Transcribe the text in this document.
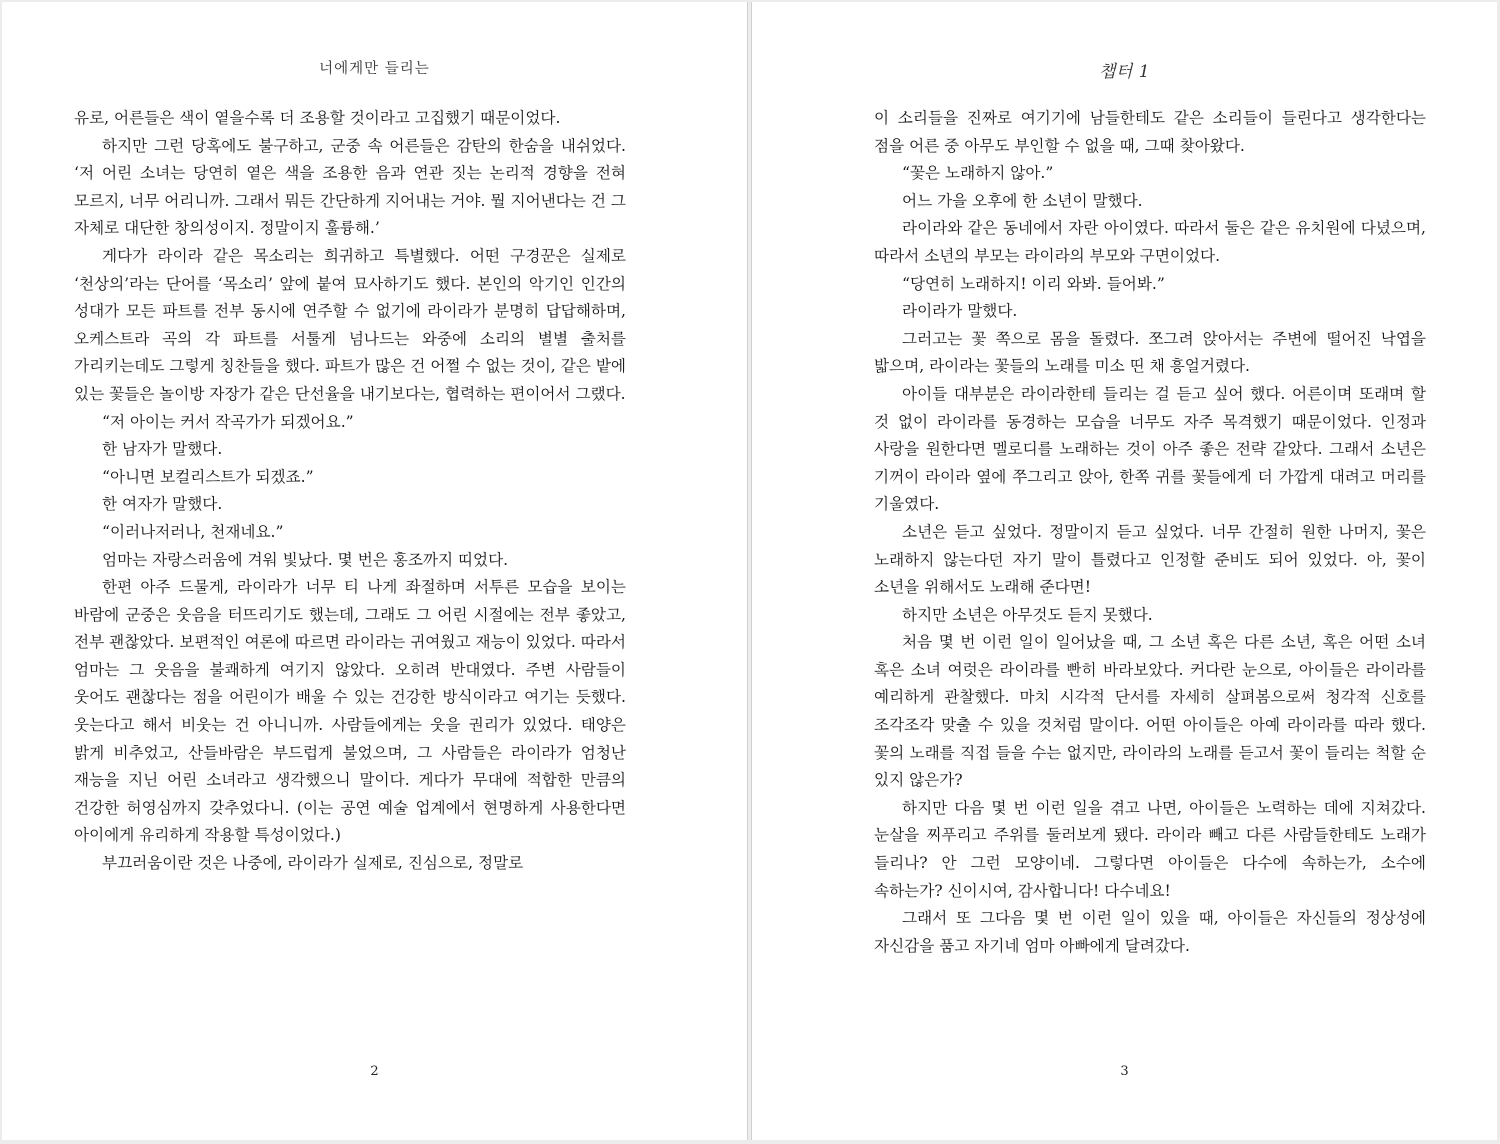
너에게만 들리는

유로, 어른들은 색이 옅을수록 더 조용할 것이라고 고집했기 때문이었다.

하지만 그런 당혹에도 불구하고, 군중 속 어른들은 감탄의 한숨을 내쉬었다. ‘저 어린 소녀는 당연히 옅은 색을 조용한 음과 연관 짓는 논리적 경향을 전혀 모르지, 너무 어리니까. 그래서 뭐든 간단하게 지어내는 거야. 뭘 지어낸다는 건 그 자체로 대단한 창의성이지. 정말이지 훌륭해.’

게다가 라이라 같은 목소리는 희귀하고 특별했다. 어떤 구경꾼은 실제로 ‘천상의’라는 단어를 ‘목소리’ 앞에 붙여 묘사하기도 했다. 본인의 악기인 인간의 성대가 모든 파트를 전부 동시에 연주할 수 없기에 라이라가 분명히 답답해하며, 오케스트라 곡의 각 파트를 서툴게 넘나드는 와중에 소리의 별별 출처를 가리키는데도 그렇게 칭찬들을 했다. 파트가 많은 건 어쩔 수 없는 것이, 같은 밭에 있는 꽃들은 놀이방 자장가 같은 단선율을 내기보다는, 협력하는 편이어서 그랬다.

“저 아이는 커서 작곡가가 되겠어요.”

한 남자가 말했다.

“아니면 보컬리스트가 되겠죠.”

한 여자가 말했다.

“이러나저러나, 천재네요.”

엄마는 자랑스러움에 겨워 빛났다. 몇 번은 홍조까지 띠었다.

한편 아주 드물게, 라이라가 너무 티 나게 좌절하며 서투른 모습을 보이는 바람에 군중은 웃음을 터뜨리기도 했는데, 그래도 그 어린 시절에는 전부 좋았고, 전부 괜찮았다. 보편적인 여론에 따르면 라이라는 귀여웠고 재능이 있었다. 따라서 엄마는 그 웃음을 불쾌하게 여기지 않았다. 오히려 반대였다. 주변 사람들이 웃어도 괜찮다는 점을 어린이가 배울 수 있는 건강한 방식이라고 여기는 듯했다. 웃는다고 해서 비웃는 건 아니니까. 사람들에게는 웃을 권리가 있었다. 태양은 밝게 비추었고, 산들바람은 부드럽게 불었으며, 그 사람들은 라이라가 엄청난 재능을 지닌 어린 소녀라고 생각했으니 말이다. 게다가 무대에 적합한 만큼의 건강한 허영심까지 갖추었다니. (이는 공연 예술 업계에서 현명하게 사용한다면 아이에게 유리하게 작용할 특성이었다.)

부끄러움이란 것은 나중에, 라이라가 실제로, 진심으로, 정말로

2
챕터 1

이 소리들을 진짜로 여기기에 남들한테도 같은 소리들이 들린다고 생각한다는 점을 어른 중 아무도 부인할 수 없을 때, 그때 찾아왔다.

“꽃은 노래하지 않아.”

어느 가을 오후에 한 소년이 말했다.

라이라와 같은 동네에서 자란 아이였다. 따라서 둘은 같은 유치원에 다녔으며, 따라서 소년의 부모는 라이라의 부모와 구면이었다.

“당연히 노래하지! 이리 와봐. 들어봐.”

라이라가 말했다.

그러고는 꽃 쪽으로 몸을 돌렸다. 쪼그려 앉아서는 주변에 떨어진 낙엽을 밟으며, 라이라는 꽃들의 노래를 미소 띤 채 흥얼거렸다.

아이들 대부분은 라이라한테 들리는 걸 듣고 싶어 했다. 어른이며 또래며 할 것 없이 라이라를 동경하는 모습을 너무도 자주 목격했기 때문이었다. 인정과 사랑을 원한다면 멜로디를 노래하는 것이 아주 좋은 전략 같았다. 그래서 소년은 기꺼이 라이라 옆에 쭈그리고 앉아, 한쪽 귀를 꽃들에게 더 가깝게 대려고 머리를 기울였다.

소년은 듣고 싶었다. 정말이지 듣고 싶었다. 너무 간절히 원한 나머지, 꽃은 노래하지 않는다던 자기 말이 틀렸다고 인정할 준비도 되어 있었다. 아, 꽃이 소년을 위해서도 노래해 준다면!

하지만 소년은 아무것도 듣지 못했다.

처음 몇 번 이런 일이 일어났을 때, 그 소년 혹은 다른 소년, 혹은 어떤 소녀 혹은 소녀 여럿은 라이라를 빤히 바라보았다. 커다란 눈으로, 아이들은 라이라를 예리하게 관찰했다. 마치 시각적 단서를 자세히 살펴봄으로써 청각적 신호를 조각조각 맞출 수 있을 것처럼 말이다. 어떤 아이들은 아예 라이라를 따라 했다. 꽃의 노래를 직접 들을 수는 없지만, 라이라의 노래를 듣고서 꽃이 들리는 척할 순 있지 않은가?

하지만 다음 몇 번 이런 일을 겪고 나면, 아이들은 노력하는 데에 지쳐갔다. 눈살을 찌푸리고 주위를 둘러보게 됐다. 라이라 빼고 다른 사람들한테도 노래가 들리나? 안 그런 모양이네. 그렇다면 아이들은 다수에 속하는가, 소수에 속하는가? 신이시여, 감사합니다! 다수네요!

그래서 또 그다음 몇 번 이런 일이 있을 때, 아이들은 자신들의 정상성에 자신감을 품고 자기네 엄마 아빠에게 달려갔다.

3
